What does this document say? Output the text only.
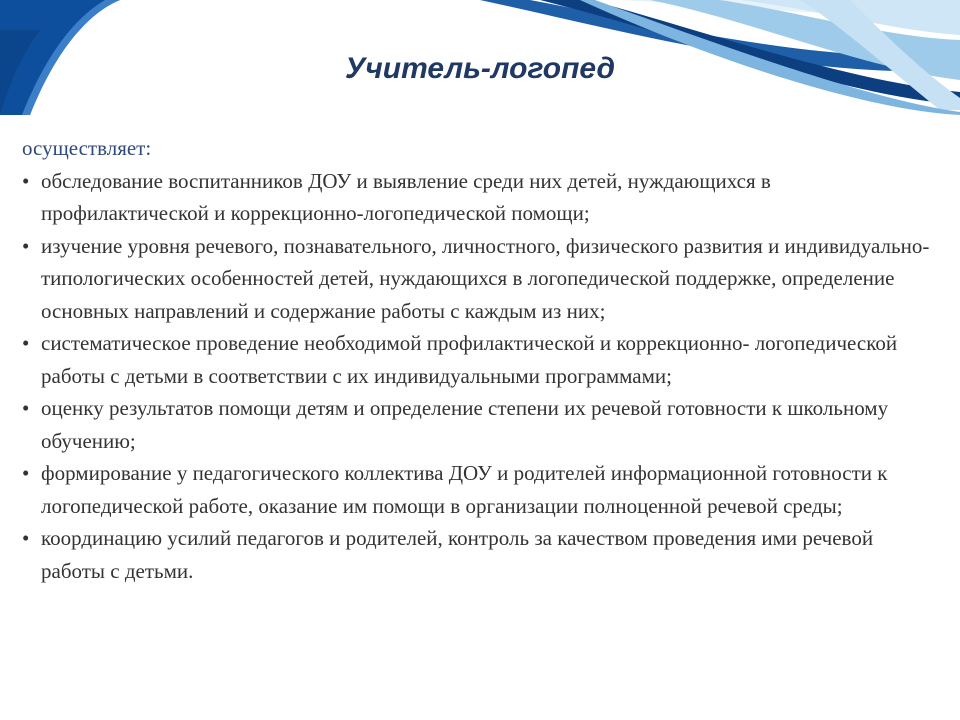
Учитель-логопед
осуществляет:
• обследование воспитанников ДОУ и выявление среди них детей, нуждающихся в профилактической и коррекционно-логопедической помощи;
• изучение уровня речевого, познавательного, личностного, физического развития и индивидуально- типологических особенностей детей, нуждающихся в логопедической поддержке, определение основных направлений и содержание работы с каждым из них;
• систематическое проведение необходимой профилактической и коррекционно- логопедической работы с детьми в соответствии с их индивидуальными программами;
• оценку результатов помощи детям и определение степени их речевой готовности к школьному обучению;
• формирование у педагогического коллектива ДОУ и родителей информационной готовности к логопедической работе, оказание им помощи в организации полноценной речевой среды;
• координацию усилий педагогов и родителей, контроль за качеством проведения ими речевой работы с детьми.
